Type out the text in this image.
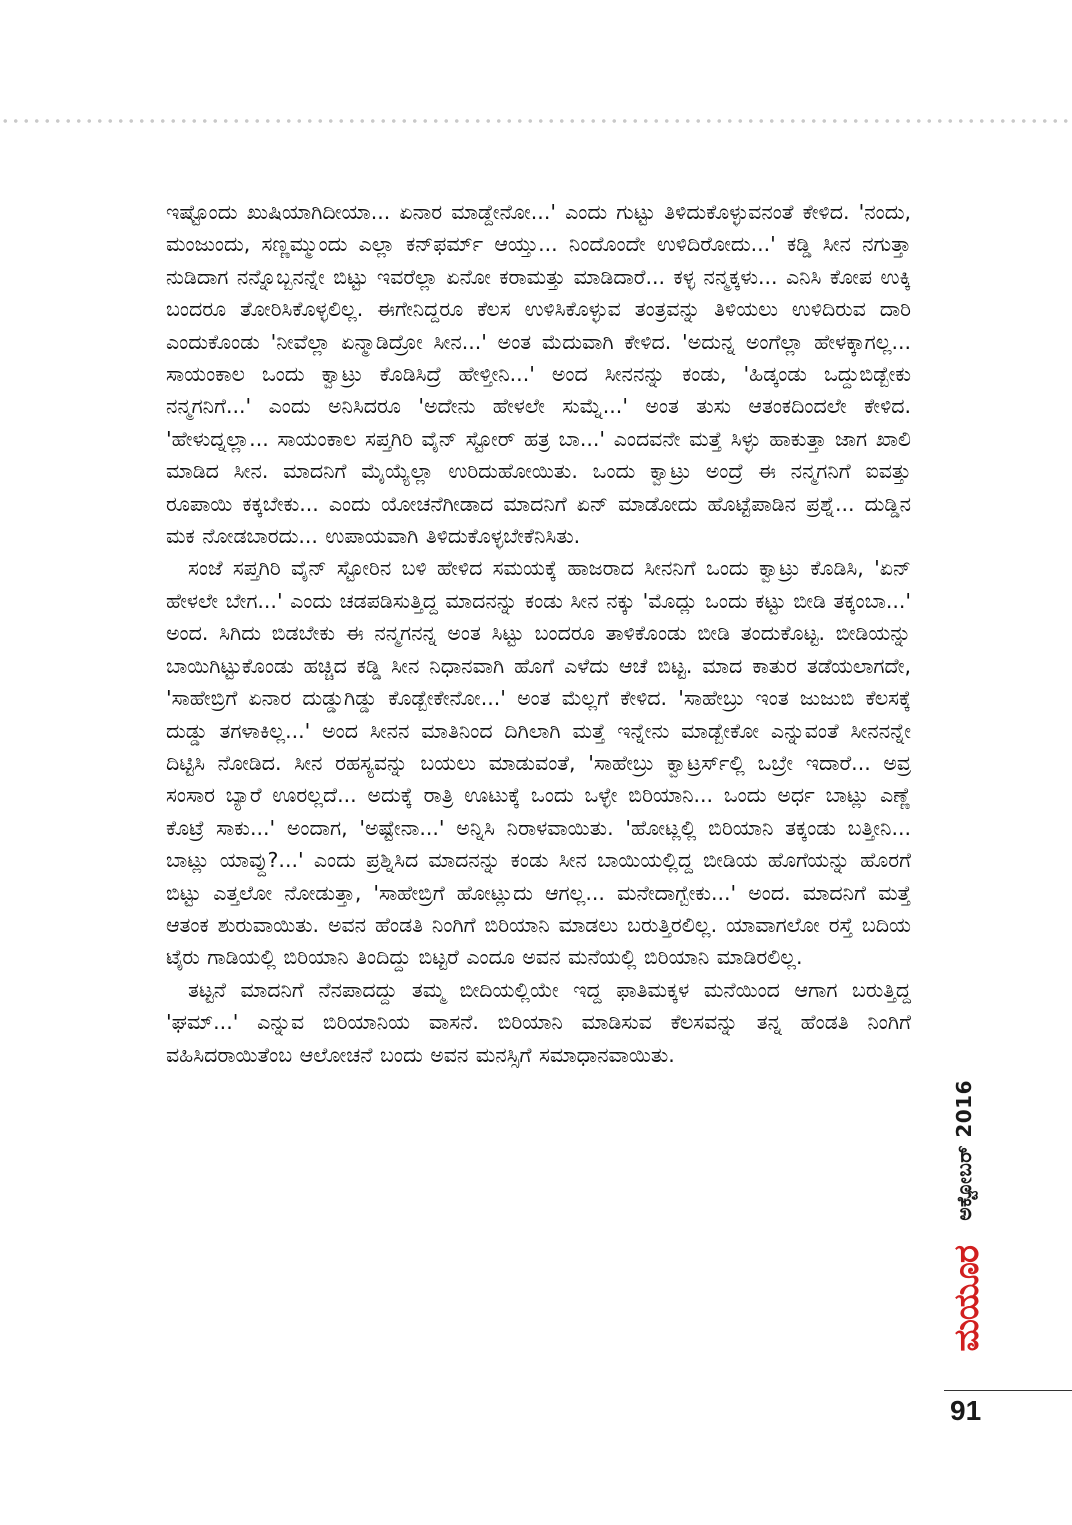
ಇಷ್ಟೊಂದು ಖುಷಿಯಾಗಿದೀಯಾ... ಏನಾರ ಮಾಡ್ದೇನೋ...' ಎಂದು ಗುಟ್ಟು ತಿಳಿದುಕೊಳ್ಳುವನಂತೆ ಕೇಳಿದ. 'ನಂದು, ಮಂಜುಂದು, ಸಣ್ಣಮ್ಮುಂದು ಎಲ್ಲಾ ಕನ್‌ಫರ್ಮ್ ಆಯ್ತು... ನಿಂದೊಂದೇ ಉಳಿದಿರೋದು...' ಕಡ್ಡಿ ಸೀನ ನಗುತ್ತಾ ನುಡಿದಾಗ ನನ್ನೊಬ್ಬನನ್ನೇ ಬಿಟ್ಟು ಇವರೆಲ್ಲಾ ಏನೋ ಕರಾಮತ್ತು ಮಾಡಿದಾರೆ... ಕಳ್ಳ ನನ್ಮಕ್ಕಳು... ಎನಿಸಿ ಕೋಪ ಉಕ್ಕಿ ಬಂದರೂ ತೋರಿಸಿಕೊಳ್ಳಲಿಲ್ಲ. ಈಗೇನಿದ್ದರೂ ಕೆಲಸ ಉಳಿಸಿಕೊಳ್ಳುವ ತಂತ್ರವನ್ನು ತಿಳಿಯಲು ಉಳಿದಿರುವ ದಾರಿ ಎಂದುಕೊಂಡು 'ನೀವೆಲ್ಲಾ ಏನ್ಮಾಡಿದ್ರೋ ಸೀನ...' ಅಂತ ಮೆದುವಾಗಿ ಕೇಳಿದ. 'ಅದುನ್ನ ಅಂಗೆಲ್ಲಾ ಹೇಳಕ್ಕಾಗಲ್ಲ... ಸಾಯಂಕಾಲ ಒಂದು ಕ್ವಾಟ್ರು ಕೊಡಿಸಿದ್ರೆ ಹೇಳ್ತೀನಿ...' ಅಂದ ಸೀನನನ್ನು ಕಂಡು, 'ಹಿಡ್ಕಂಡು ಒದ್ದುಬಿಡ್ಬೇಕು ನನ್ಮಗನಿಗೆ...' ಎಂದು ಅನಿಸಿದರೂ 'ಅದೇನು ಹೇಳಲೇ ಸುಮ್ನೆ...' ಅಂತ ತುಸು ಆತಂಕದಿಂದಲೇ ಕೇಳಿದ. 'ಹೇಳುದ್ನಲ್ಲಾ... ಸಾಯಂಕಾಲ ಸಪ್ತಗಿರಿ ವೈನ್ ಸ್ಟೋರ್ ಹತ್ರ ಬಾ...' ಎಂದವನೇ ಮತ್ತೆ ಸಿಳ್ಳು ಹಾಕುತ್ತಾ ಜಾಗ ಖಾಲಿ ಮಾಡಿದ ಸೀನ. ಮಾದನಿಗೆ ಮೈಯ್ಯೆಲ್ಲಾ ಉರಿದುಹೋಯಿತು. ಒಂದು ಕ್ವಾಟ್ರು ಅಂದ್ರೆ ಈ ನನ್ಮಗನಿಗೆ ಐವತ್ತು ರೂಪಾಯಿ ಕಕ್ಕಬೇಕು... ಎಂದು ಯೋಚನೆಗೀಡಾದ ಮಾದನಿಗೆ ಏನ್ ಮಾಡೋದು ಹೊಟ್ಟೆಪಾಡಿನ ಪ್ರಶ್ನೆ... ದುಡ್ಡಿನ ಮಕ ನೋಡಬಾರದು... ಉಪಾಯವಾಗಿ ತಿಳಿದುಕೊಳ್ಳಬೇಕೆನಿಸಿತು.

ಸಂಜೆ ಸಪ್ತಗಿರಿ ವೈನ್ ಸ್ಟೋರಿನ ಬಳಿ ಹೇಳಿದ ಸಮಯಕ್ಕೆ ಹಾಜರಾದ ಸೀನನಿಗೆ ಒಂದು ಕ್ವಾಟ್ರು ಕೊಡಿಸಿ, 'ಏನ್ ಹೇಳಲೇ ಬೇಗ...' ಎಂದು ಚಡಪಡಿಸುತ್ತಿದ್ದ ಮಾದನನ್ನು ಕಂಡು ಸೀನ ನಕ್ಕು 'ಮೊದ್ಲು ಒಂದು ಕಟ್ಟು ಬೀಡಿ ತಕ್ಕಂಬಾ...' ಅಂದ. ಸಿಗಿದು ಬಿಡಬೇಕು ಈ ನನ್ಮಗನನ್ನ ಅಂತ ಸಿಟ್ಟು ಬಂದರೂ ತಾಳಿಕೊಂಡು ಬೀಡಿ ತಂದುಕೊಟ್ಟ. ಬೀಡಿಯನ್ನು ಬಾಯಿಗಿಟ್ಟುಕೊಂಡು ಹಚ್ಚಿದ ಕಡ್ಡಿ ಸೀನ ನಿಧಾನವಾಗಿ ಹೊಗೆ ಎಳೆದು ಆಚೆ ಬಿಟ್ಟ. ಮಾದ ಕಾತುರ ತಡೆಯಲಾಗದೇ, 'ಸಾಹೇಬ್ರಿಗೆ ಏನಾರ ದುಡ್ಡುಗಿಡ್ಡು ಕೊಡ್ಬೇಕೇನೋ...' ಅಂತ ಮೆಲ್ಲಗೆ ಕೇಳಿದ. 'ಸಾಹೇಬ್ರು ಇಂತ ಜುಜುಬಿ ಕೆಲಸಕ್ಕೆ ದುಡ್ಡು ತಗಳಾಕಿಲ್ಲ...' ಅಂದ ಸೀನನ ಮಾತಿನಿಂದ ದಿಗಿಲಾಗಿ ಮತ್ತೆ ಇನ್ನೇನು ಮಾಡ್ಬೇಕೋ ಎನ್ನುವಂತೆ ಸೀನನನ್ನೇ ದಿಟ್ಟಿಸಿ ನೋಡಿದ. ಸೀನ ರಹಸ್ಯವನ್ನು ಬಯಲು ಮಾಡುವಂತೆ, 'ಸಾಹೇಬ್ರು ಕ್ವಾಟ್ರರ್ಸ್‌ಲ್ಲಿ ಒಬ್ರೇ ಇದಾರೆ... ಅವ್ರ ಸಂಸಾರ ಬ್ಯಾರೆ ಊರಲ್ಲದೆ... ಅದುಕ್ಕೆ ರಾತ್ರಿ ಊಟುಕ್ಕೆ ಒಂದು ಒಳ್ಳೇ ಬಿರಿಯಾನಿ... ಒಂದು ಅರ್ಧ ಬಾಟ್ಲು ಎಣ್ಣೆ ಕೊಟ್ರೆ ಸಾಕು...' ಅಂದಾಗ, 'ಅಷ್ಟೇನಾ...' ಅನ್ನಿಸಿ ನಿರಾಳವಾಯಿತು. 'ಹೋಟ್ಲಲ್ಲಿ ಬಿರಿಯಾನಿ ತಕ್ಕಂಡು ಬತ್ತೀನಿ... ಬಾಟ್ಲು ಯಾವ್ದು?...' ಎಂದು ಪ್ರಶ್ನಿಸಿದ ಮಾದನನ್ನು ಕಂಡು ಸೀನ ಬಾಯಿಯಲ್ಲಿದ್ದ ಬೀಡಿಯ ಹೊಗೆಯನ್ನು ಹೊರಗೆ ಬಿಟ್ಟು ಎತ್ತಲೋ ನೋಡುತ್ತಾ, 'ಸಾಹೇಬ್ರಿಗೆ ಹೋಟ್ಲುದು ಆಗಲ್ಲ... ಮನೇದಾಗ್ಬೇಕು...' ಅಂದ. ಮಾದನಿಗೆ ಮತ್ತೆ ಆತಂಕ ಶುರುವಾಯಿತು. ಅವನ ಹೆಂಡತಿ ನಿಂಗಿಗೆ ಬಿರಿಯಾನಿ ಮಾಡಲು ಬರುತ್ತಿರಲಿಲ್ಲ. ಯಾವಾಗಲೋ ರಸ್ತೆ ಬದಿಯ ಟೈರು ಗಾಡಿಯಲ್ಲಿ ಬಿರಿಯಾನಿ ತಿಂದಿದ್ದು ಬಿಟ್ಟರೆ ಎಂದೂ ಅವನ ಮನೆಯಲ್ಲಿ ಬಿರಿಯಾನಿ ಮಾಡಿರಲಿಲ್ಲ.

ತಟ್ಟನೆ ಮಾದನಿಗೆ ನೆನಪಾದದ್ದು ತಮ್ಮ ಬೀದಿಯಲ್ಲಿಯೇ ಇದ್ದ ಫಾತಿಮಕ್ಕಳ ಮನೆಯಿಂದ ಆಗಾಗ ಬರುತ್ತಿದ್ದ 'ಘಮ್...' ಎನ್ನುವ ಬಿರಿಯಾನಿಯ ವಾಸನೆ. ಬಿರಿಯಾನಿ ಮಾಡಿಸುವ ಕೆಲಸವನ್ನು ತನ್ನ ಹೆಂಡತಿ ನಿಂಗಿಗೆ ವಹಿಸಿದರಾಯಿತೆಂಬ ಆಲೋಚನೆ ಬಂದು ಅವನ ಮನಸ್ಸಿಗೆ ಸಮಾಧಾನವಾಯಿತು.

ಅಕ್ಟೋಬರ್ 2016
ಮಯೂರ
91
